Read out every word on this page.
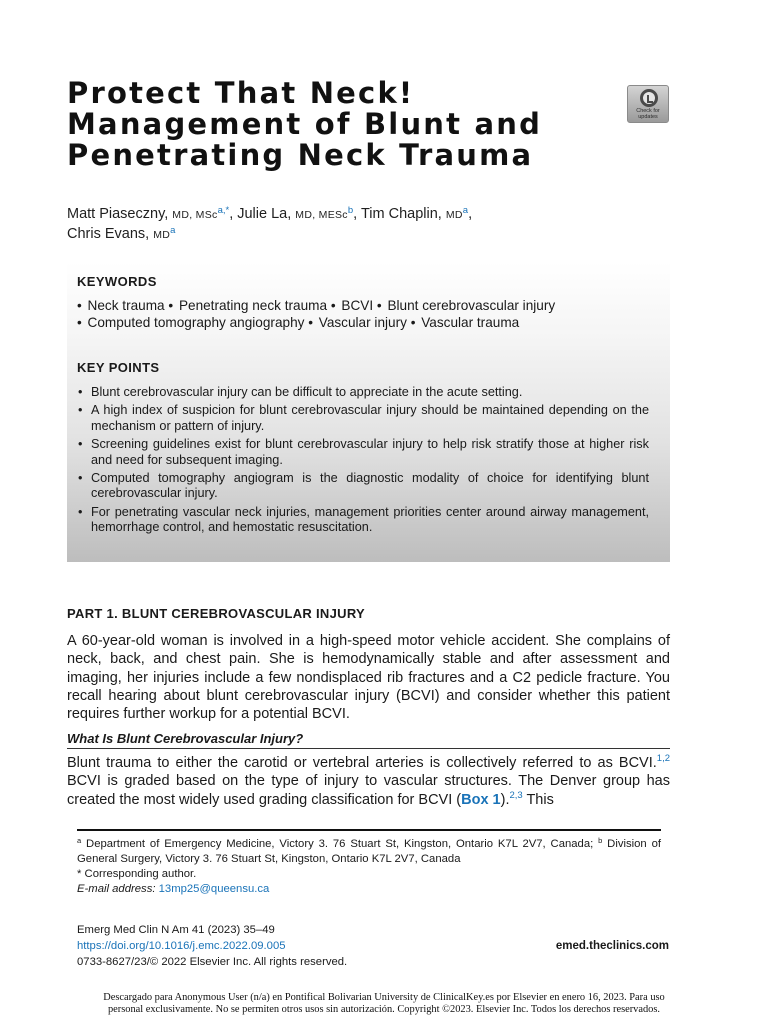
Protect That Neck!
Management of Blunt and
Penetrating Neck Trauma
Check for
updates
Matt Piaseczny, MD, MSc$^{a,*}$, Julie La, MD, MESc$^b$, Tim Chaplin, $MD^a$,
Chris Evans, $MD^a$
KEYWORDS
• Neck trauma • Penetrating neck trauma • BCVI • Blunt cerebrovascular injury
• Computed tomography angiography • Vascular injury • Vascular trauma
KEY POINTS
• Blunt cerebrovascular injury can be difficult to appreciate in the acute setting.
• A high index of suspicion for blunt cerebrovascular injury should be maintained depending on the mechanism or pattern of injury.
• Screening guidelines exist for blunt cerebrovascular injury to help risk stratify those at higher risk and need for subsequent imaging.
• Computed tomography angiogram is the diagnostic modality of choice for identifying blunt cerebrovascular injury.
• For penetrating vascular neck injuries, management priorities center around airway management, hemorrhage control, and hemostatic resuscitation.
PART 1. BLUNT CEREBROVASCULAR INJURY

A 60-year-old woman is involved in a high-speed motor vehicle accident. She complains of neck, back, and chest pain. She is hemodynamically stable and after assessment and imaging, her injuries include a few nondisplaced rib fractures and a C2 pedicle fracture. You recall hearing about blunt cerebrovascular injury (BCVI) and consider whether this patient requires further workup for a potential BCVI.

What Is Blunt Cerebrovascular Injury?

Blunt trauma to either the carotid or vertebral arteries is collectively referred to as BCVI.$^{1,2}$ BCVI is graded based on the type of injury to vascular structures. The Denver group has created the most widely used grading classification for BCVI (Box 1).$^{2,3}$ This

$^a$ Department of Emergency Medicine, Victory 3. 76 Stuart St, Kingston, Ontario K7L 2V7, Canada; $^b$ Division of General Surgery, Victory 3. 76 Stuart St, Kingston, Ontario K7L 2V7, Canada

* Corresponding author.

E-mail address: 13mp25@queensu.ca

Emerg Med Clin N Am 41 (2023) 35–49

https://doi.org/10.1016/j.emc.2022.09.005

0733-8627/23/© 2022 Elsevier Inc. All rights reserved.

emed.theclinics.com
Descargado para Anonymous User (n/a) en Pontifical Bolivarian University de ClinicalKey.es por Elsevier en enero 16, 2023. Para uso
personal exclusivamente. No se permiten otros usos sin autorización. Copyright ©2023. Elsevier Inc. Todos los derechos reservados.
